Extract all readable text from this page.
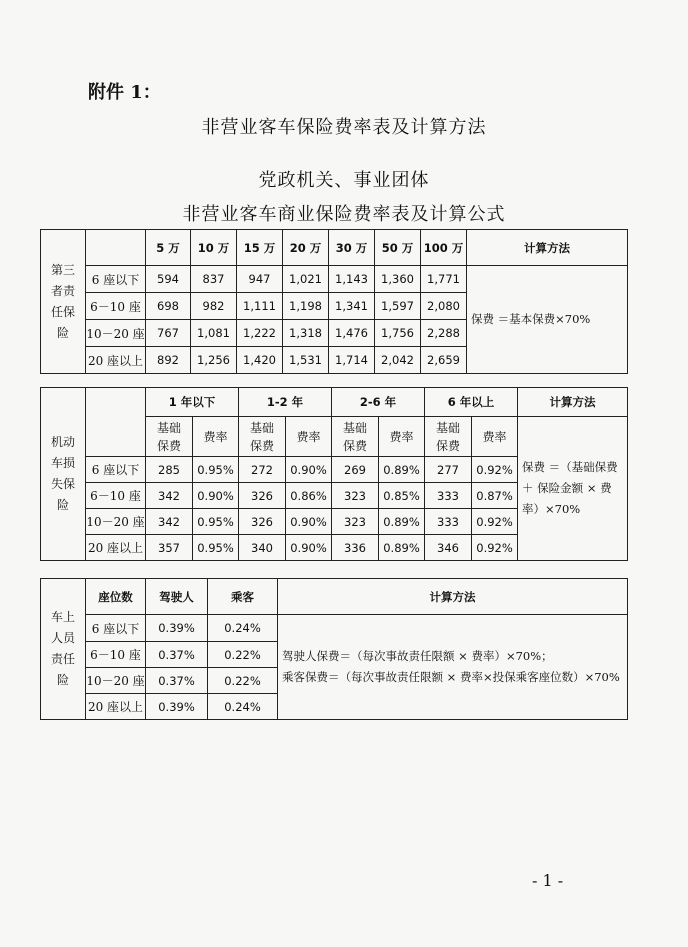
附件 1：
非营业客车保险费率表及计算方法
党政机关、事业团体
非营业客车商业保险费率表及计算公式
第三者责任保险		5 万	10 万	15 万	20 万	30 万	50 万	100 万	计算方法
	6 座以下	594	837	947	1,021	1,143	1,360	1,771	保费 ＝基本保费×70%
	6－10 座	698	982	1,111	1,198	1,341	1,597	2,080	
	10－20 座	767	1,081	1,222	1,318	1,476	1,756	2,288	
	20 座以上	892	1,256	1,420	1,531	1,714	2,042	2,659	
机动车损失保险		1 年以下		1-2 年		2-6 年		6 年以上		计算方法

		基础保费	费率	基础保费	费率	基础保费	费率	基础保费	费率	保费 ＝（基础保费 ＋ 保险金额 × 费率）×70%

	6 座以下	285	0.95%	272	0.90%	269	0.89%	277	0.92%	
	6－10 座	342	0.90%	326	0.86%	323	0.85%	333	0.87%	
	10－20 座	342	0.95%	326	0.90%	323	0.89%	333	0.92%	
	20 座以上	357	0.95%	340	0.90%	336	0.89%	346	0.92%	
车上人员责任险	座位数	驾驶人	乘客	计算方法
	6 座以下	0.39%	0.24%	驾驶人保费＝（每次事故责任限额 × 费率）×70%；
乘客保费＝（每次事故责任限额 × 费率×投保乘客座位数）×70%

	6－10 座	0.37%	0.22%	
	10－20 座	0.37%	0.22%	
	20 座以上	0.39%	0.24%	
- 1 -
